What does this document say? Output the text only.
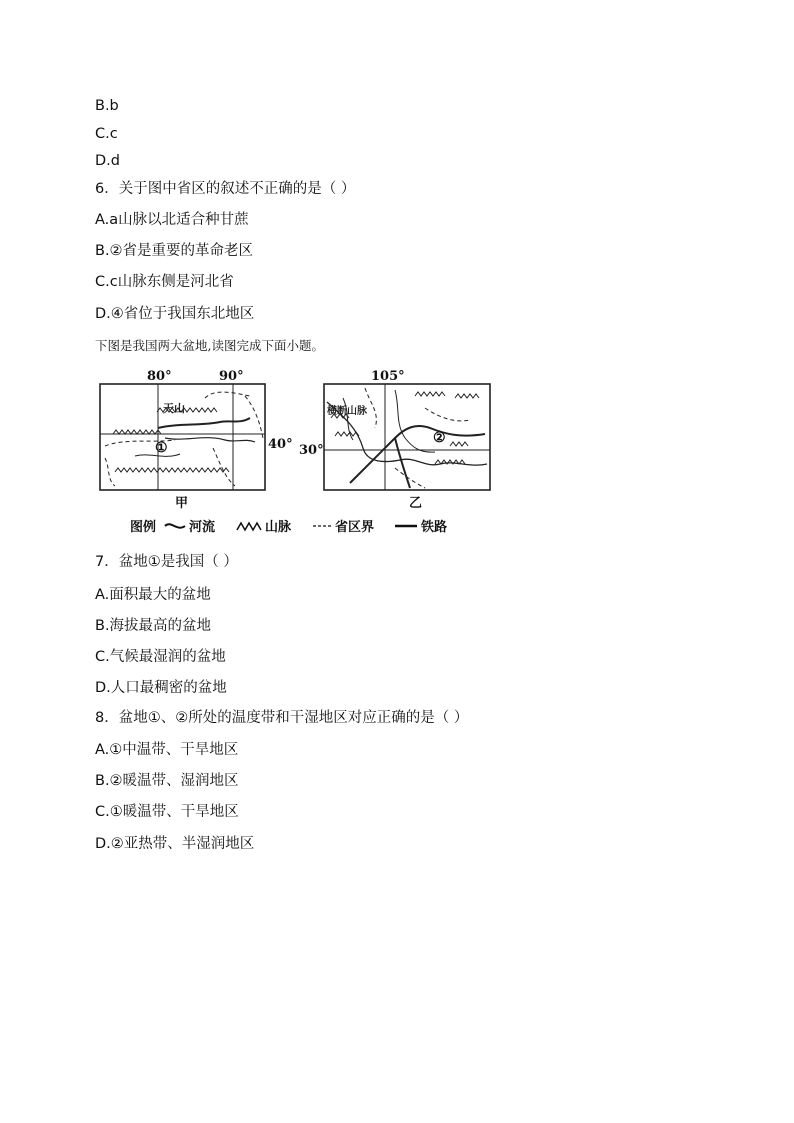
B.b
C.c
D.d
6．关于图中省区的叙述不正确的是（ ）
A.a山脉以北适合种甘蔗
B.②省是重要的革命老区
C.c山脉东侧是河北省
D.④省位于我国东北地区
下图是我国两大盆地,读图完成下面小题。
天山
①
80°	90°
40°
甲
横断山脉
②
105°
30°
乙
图例	河流	山脉	省区界	铁路
7．盆地①是我国（ ）
A.面积最大的盆地
B.海拔最高的盆地
C.气候最湿润的盆地
D.人口最稠密的盆地
8．盆地①、②所处的温度带和干湿地区对应正确的是（ ）
A.①中温带、干旱地区
B.②暖温带、湿润地区
C.①暖温带、干旱地区
D.②亚热带、半湿润地区
